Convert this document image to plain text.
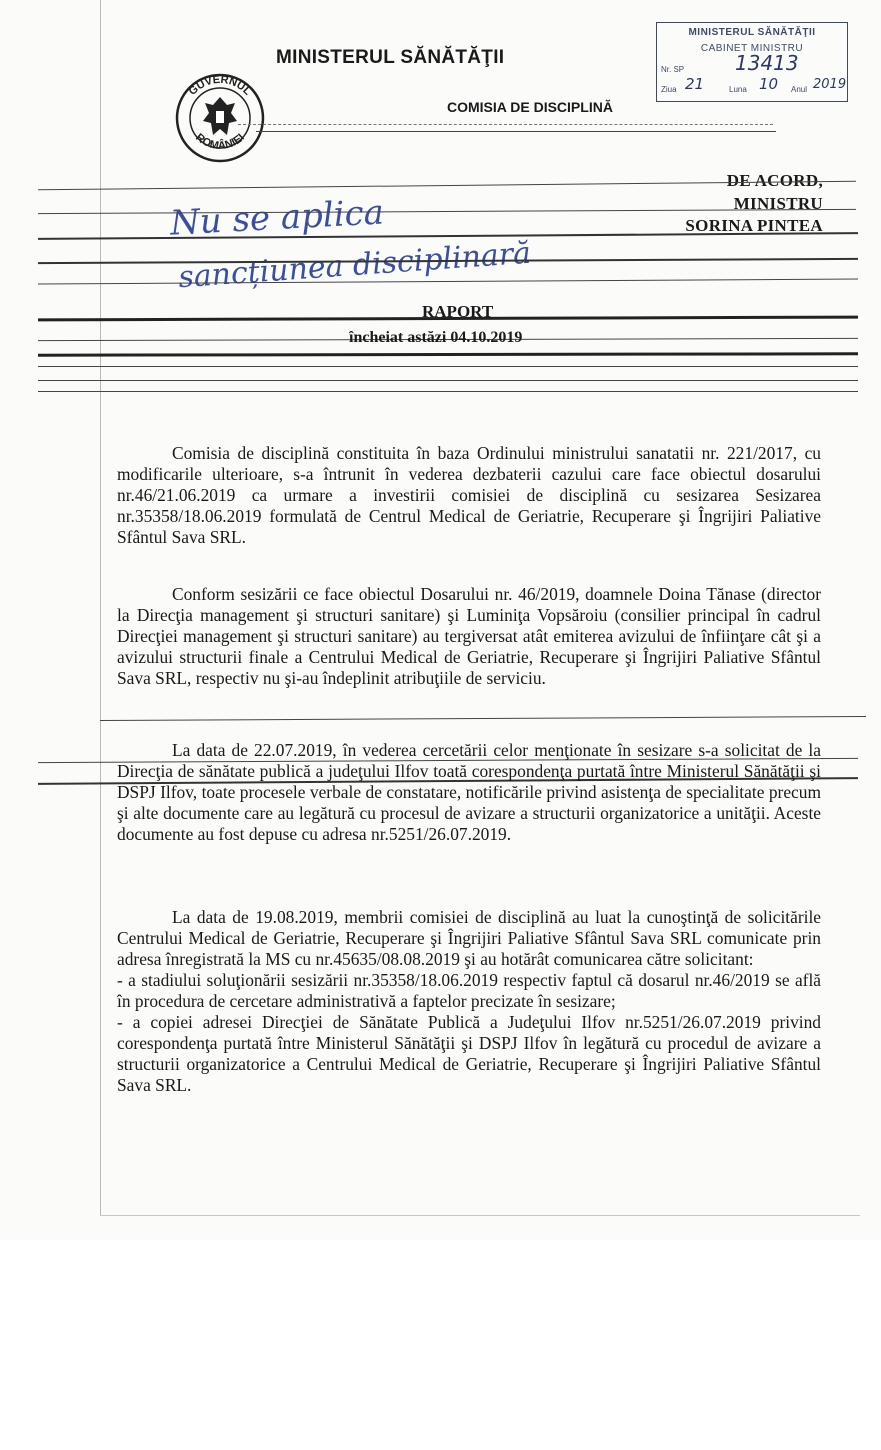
GUVERNUL
ROMÂNIEI
MINISTERUL SĂNĂTĂŢII
COMISIA DE DISCIPLINĂ
MINISTERUL SĂNĂTĂŢII
CABINET MINISTRU
Nr. SP	13413
Ziua 21	Luna 10 Anul 2019
DE ACORD,
MINISTRU
SORINA PINTEA
Nu se aplica
sancțiunea disciplinară
RAPORT
încheiat astăzi 04.10.2019
Comisia de disciplină constituita în baza Ordinului ministrului sanatatii nr. 221/2017, cu modificarile ulterioare, s-a întrunit în vederea dezbaterii cazului care face obiectul dosarului nr.46/21.06.2019 ca urmare a investirii comisiei de disciplină cu sesizarea Sesizarea nr.35358/18.06.2019 formulată de Centrul Medical de Geriatrie, Recuperare şi Îngrijiri Paliative Sfântul Sava SRL.
Conform sesizării ce face obiectul Dosarului nr. 46/2019, doamnele Doina Tănase (director la Direcţia management şi structuri sanitare) şi Luminiţa Vopsăroiu (consilier principal în cadrul Direcţiei management şi structuri sanitare) au tergiversat atât emiterea avizului de înfiinţare cât şi a avizului structurii finale a Centrului Medical de Geriatrie, Recuperare şi Îngrijiri Paliative Sfântul Sava SRL, respectiv nu şi-au îndeplinit atribuţiile de serviciu.
La data de 22.07.2019, în vederea cercetării celor menţionate în sesizare s-a solicitat de la Direcţia de sănătate publică a judeţului Ilfov toată corespondenţa purtată între Ministerul Sănătăţii şi DSPJ Ilfov, toate procesele verbale de constatare, notificările privind asistenţa de specialitate precum şi alte documente care au legătură cu procesul de avizare a structurii organizatorice a unităţii. Aceste documente au fost depuse cu adresa nr.5251/26.07.2019.
La data de 19.08.2019, membrii comisiei de disciplină au luat la cunoştinţă de solicitările Centrului Medical de Geriatrie, Recuperare şi Îngrijiri Paliative Sfântul Sava SRL comunicate prin adresa înregistrată la MS cu nr.45635/08.08.2019 şi au hotărât comunicarea către solicitant:
- a stadiului soluţionării sesizării nr.35358/18.06.2019 respectiv faptul că dosarul nr.46/2019 se află în procedura de cercetare administrativă a faptelor precizate în sesizare;
- a copiei adresei Direcţiei de Sănătate Publică a Judeţului Ilfov nr.5251/26.07.2019 privind corespondenţa purtată între Ministerul Sănătăţii şi DSPJ Ilfov în legătură cu procedul de avizare a structurii organizatorice a Centrului Medical de Geriatrie, Recuperare şi Îngrijiri Paliative Sfântul Sava SRL.
